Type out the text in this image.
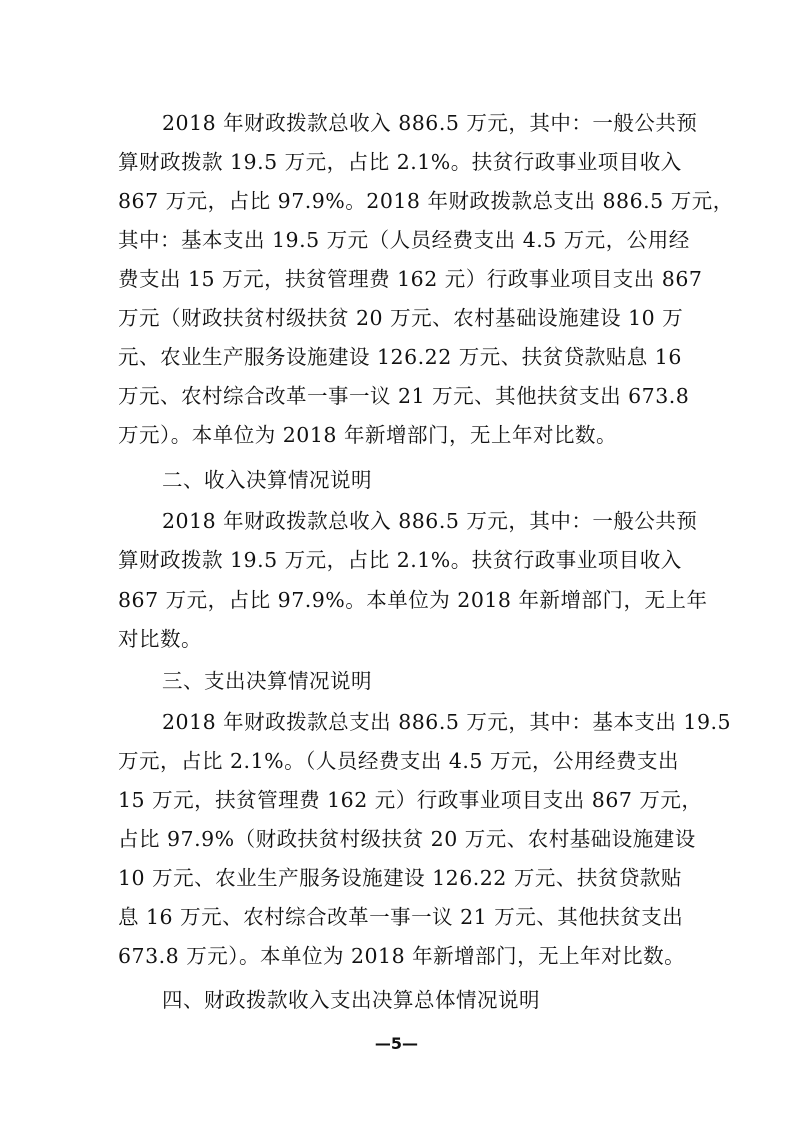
2018 年财政拨款总收入 886.5 万元，其中：一般公共预
算财政拨款 19.5 万元，占比 2.1%。扶贫行政事业项目收入
867 万元，占比 97.9%。2018 年财政拨款总支出 886.5 万元，
其中：基本支出 19.5 万元（人员经费支出 4.5 万元，公用经
费支出 15 万元，扶贫管理费 162 元）行政事业项目支出 867
万元（财政扶贫村级扶贫 20 万元、农村基础设施建设 10 万
元、农业生产服务设施建设 126.22 万元、扶贫贷款贴息 16
万元、农村综合改革一事一议 21 万元、其他扶贫支出 673.8
万元）。本单位为 2018 年新增部门，无上年对比数。
二、收入决算情况说明
2018 年财政拨款总收入 886.5 万元，其中：一般公共预
算财政拨款 19.5 万元，占比 2.1%。扶贫行政事业项目收入
867 万元，占比 97.9%。本单位为 2018 年新增部门，无上年
对比数。
三、支出决算情况说明
2018 年财政拨款总支出 886.5 万元，其中：基本支出 19.5
万元，占比 2.1%。（人员经费支出 4.5 万元，公用经费支出
15 万元，扶贫管理费 162 元）行政事业项目支出 867 万元，
占比 97.9%（财政扶贫村级扶贫 20 万元、农村基础设施建设
10 万元、农业生产服务设施建设 126.22 万元、扶贫贷款贴
息 16 万元、农村综合改革一事一议 21 万元、其他扶贫支出
673.8 万元）。本单位为 2018 年新增部门，无上年对比数。
四、财政拨款收入支出决算总体情况说明
—5—
